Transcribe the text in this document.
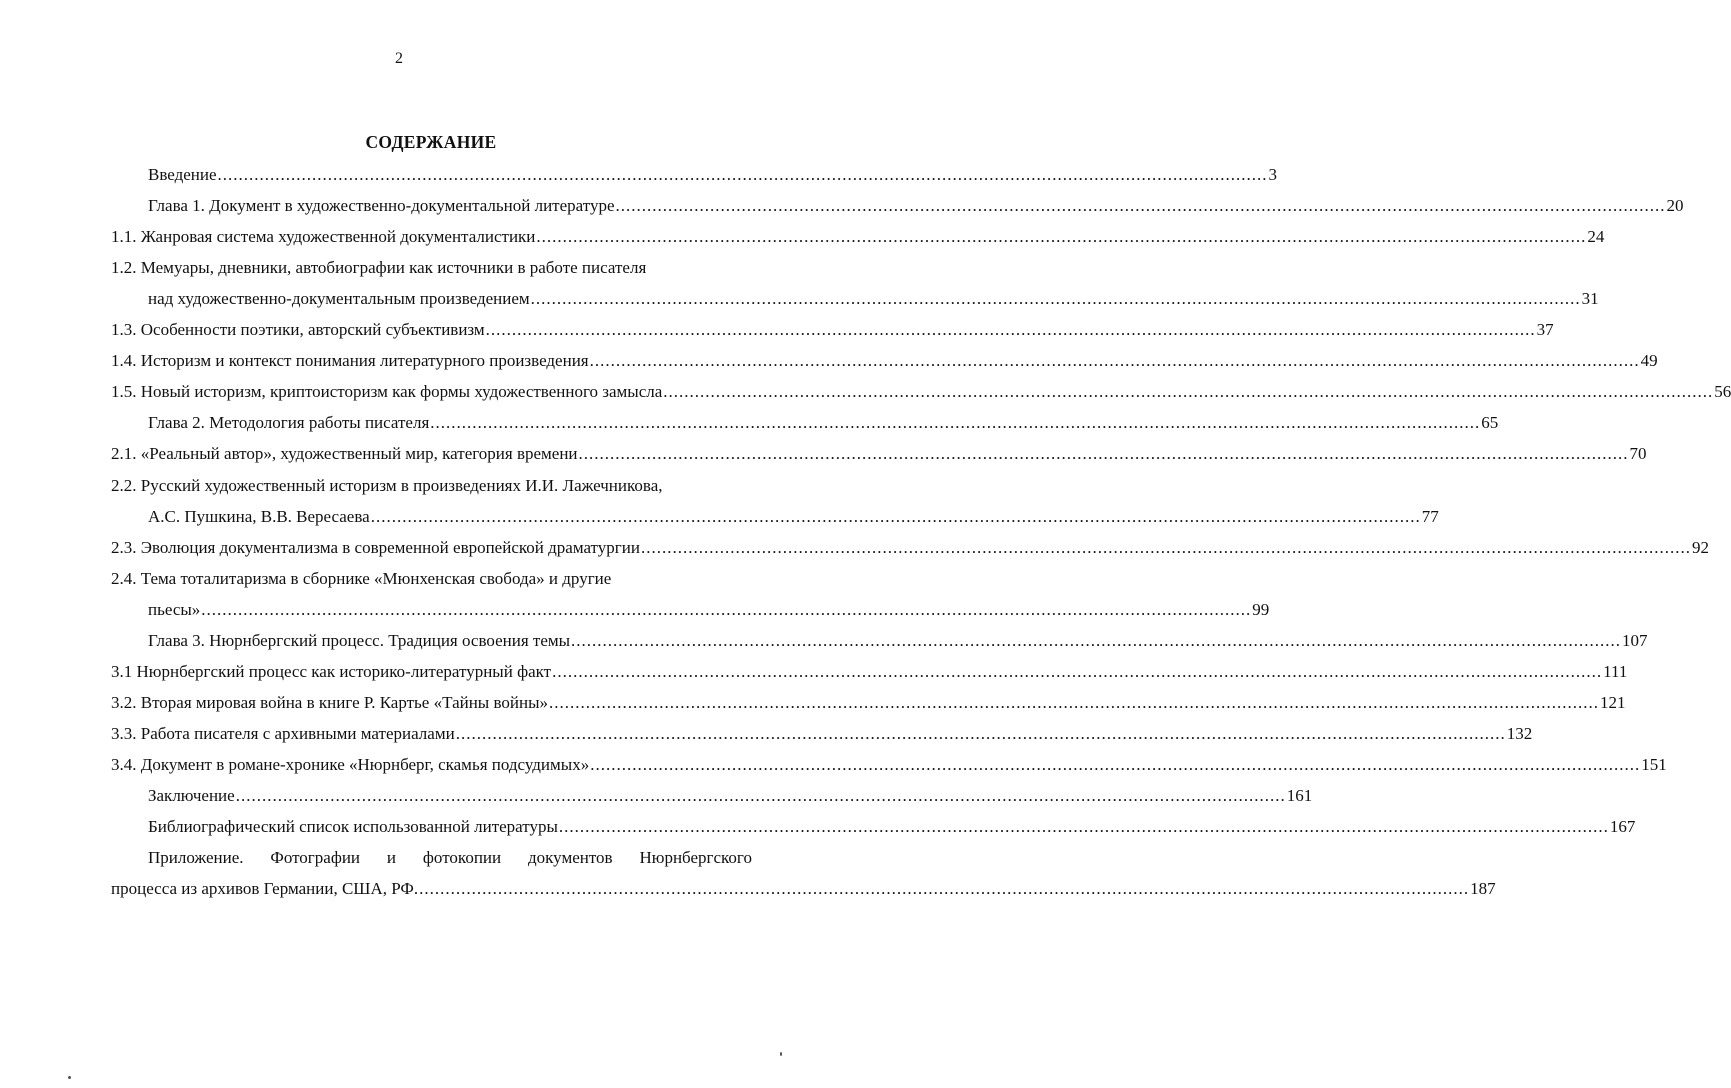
2
СОДЕРЖАНИЕ
Введение ........................................................................................................................................................................................................ 3
Глава 1. Документ в художественно-документальной литературе ........................................................................................................................................................................................................ 20
1.1. Жанровая система художественной документалистики ........................................................................................................................................................................................................ 24
1.2. Мемуары, дневники, автобиографии как источники в работе писателя
над художественно-документальным произведением ........................................................................................................................................................................................................ 31
1.3. Особенности поэтики, авторский субъективизм ........................................................................................................................................................................................................ 37
1.4. Историзм и контекст понимания литературного произведения ........................................................................................................................................................................................................ 49
1.5. Новый историзм, криптоисторизм как формы художественного замысла ........................................................................................................................................................................................................ 56
Глава 2. Методология работы писателя ........................................................................................................................................................................................................ 65
2.1. «Реальный автор», художественный мир, категория времени ........................................................................................................................................................................................................ 70
2.2. Русский художественный историзм в произведениях И.И. Лажечникова,
А.С. Пушкина, В.В. Вересаева ........................................................................................................................................................................................................ 77
2.3. Эволюция документализма в современной европейской драматургии ........................................................................................................................................................................................................ 92
2.4. Тема тоталитаризма в сборнике «Мюнхенская свобода» и другие
пьесы» ........................................................................................................................................................................................................ 99
Глава 3. Нюрнбергский процесс. Традиция освоения темы ........................................................................................................................................................................................................ 107
3.1 Нюрнбергский процесс как историко-литературный факт ........................................................................................................................................................................................................ 111
3.2. Вторая мировая война в книге Р. Картье «Тайны войны» ........................................................................................................................................................................................................ 121
3.3. Работа писателя с архивными материалами ........................................................................................................................................................................................................ 132
3.4. Документ в романе-хронике «Нюрнберг, скамья подсудимых» ........................................................................................................................................................................................................ 151
Заключение ........................................................................................................................................................................................................ 161
Библиографический список использованной литературы ........................................................................................................................................................................................................ 167
Приложение. Фотографии и фотокопии документов Нюрнбергского
процесса из архивов Германии, США, РФ. ........................................................................................................................................................................................................ 187
